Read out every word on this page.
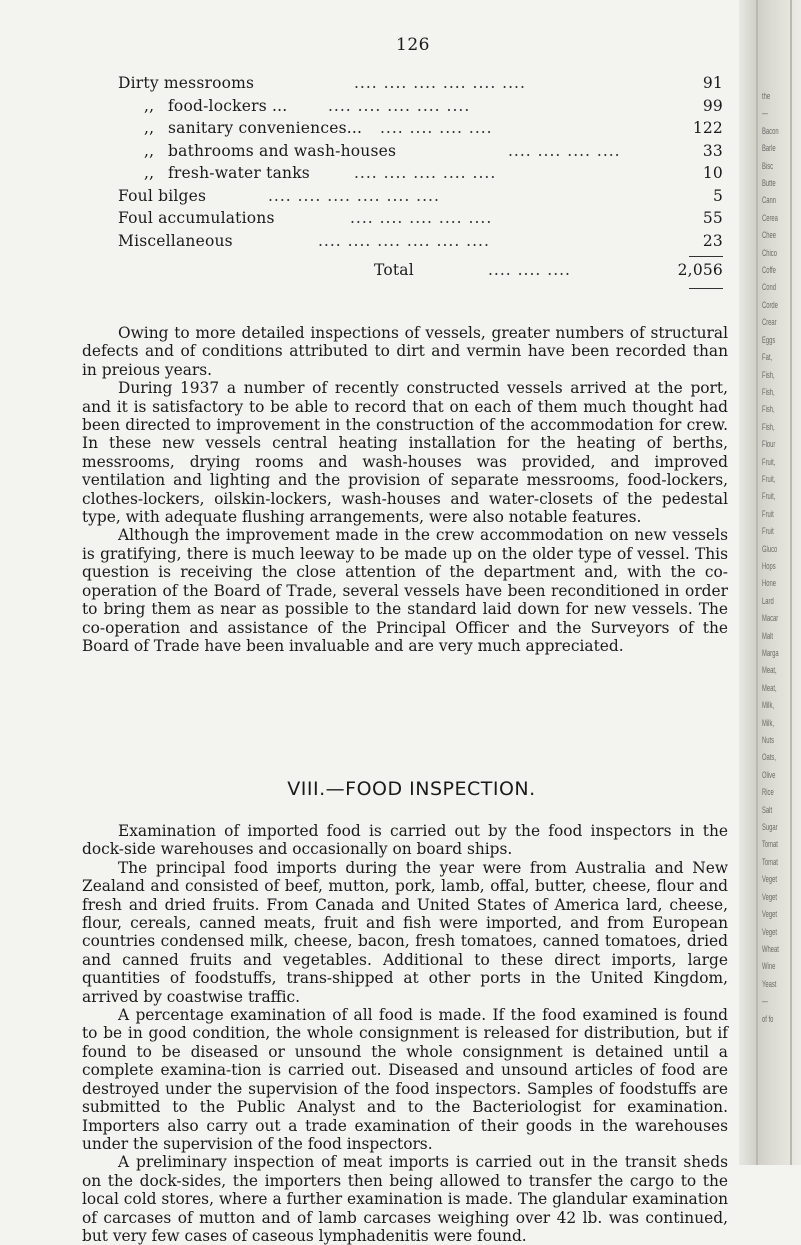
the
—
Bacon
Barle
Bisc
Butte
Cann
Cerea
Chee
Chico
Coffe
Cond
Corde
Crear
Eggs
Fat,
Fish,
Fish,
Fish,
Fish,
Flour
Fruit,
Fruit,
Fruit,
Fruit
Fruit
Gluco
Hops
Hone
Lard
Macar
Malt
Marga
Meat,
Meat,
Milk,
Milk,
Nuts
Oats,
Olive
Rice
Salt
Sugar
Tomat
Tomat
Veget
Veget
Veget
Veget
Wheat
Wine
Yeast
—
of fo
126
Dirty messrooms	.... .... .... .... .... ....	91
,, food-lockers ...	.... .... .... .... ....	99
,, sanitary conveniences... .... .... .... ....	122
,, bathrooms and wash-houses	.... .... .... ....	33
,, fresh-water tanks	.... .... .... .... ....	10
Foul bilges	.... .... .... .... .... ....	5
Foul accumulations	.... .... .... .... ....	55
Miscellaneous	.... .... .... .... .... ....	23
Total	.... .... ....	2,056

Owing to more detailed inspections of vessels, greater numbers of structural defects and of conditions attributed to dirt and vermin have been recorded than in preious years.

During 1937 a number of recently constructed vessels arrived at the port, and it is satisfactory to be able to record that on each of them much thought had been directed to improvement in the construction of the accommodation for crew. In these new vessels central heating installation for the heating of berths, messrooms, drying rooms and wash-houses was provided, and improved ventilation and lighting and the provision of separate messrooms, food-lockers, clothes-lockers, oilskin-lockers, wash-houses and water-closets of the pedestal type, with adequate flushing arrangements, were also notable features.

Although the improvement made in the crew accommodation on new vessels is gratifying, there is much leeway to be made up on the older type of vessel. This question is receiving the close attention of the department and, with the co-operation of the Board of Trade, several vessels have been reconditioned in order to bring them as near as possible to the standard laid down for new vessels. The co-operation and assistance of the Principal Officer and the Surveyors of the Board of Trade have been invaluable and are very much appreciated.

VIII.—FOOD INSPECTION.

Examination of imported food is carried out by the food inspectors in the dock-side warehouses and occasionally on board ships.

The principal food imports during the year were from Australia and New Zealand and consisted of beef, mutton, pork, lamb, offal, butter, cheese, flour and fresh and dried fruits. From Canada and United States of America lard, cheese, flour, cereals, canned meats, fruit and fish were imported, and from European countries condensed milk, cheese, bacon, fresh tomatoes, canned tomatoes, dried and canned fruits and vegetables. Additional to these direct imports, large quantities of foodstuffs, trans-shipped at other ports in the United Kingdom, arrived by coastwise traffic.

A percentage examination of all food is made. If the food examined is found to be in good condition, the whole consignment is released for distribution, but if found to be diseased or unsound the whole consignment is detained until a complete examina-tion is carried out. Diseased and unsound articles of food are destroyed under the supervision of the food inspectors. Samples of foodstuffs are submitted to the Public Analyst and to the Bacteriologist for examination. Importers also carry out a trade examination of their goods in the warehouses under the supervision of the food inspectors.

A preliminary inspection of meat imports is carried out in the transit sheds on the dock-sides, the importers then being allowed to transfer the cargo to the local cold stores, where a further examination is made. The glandular examination of carcases of mutton and of lamb carcases weighing over 42 lb. was continued, but very few cases of caseous lymphadenitis were found.
